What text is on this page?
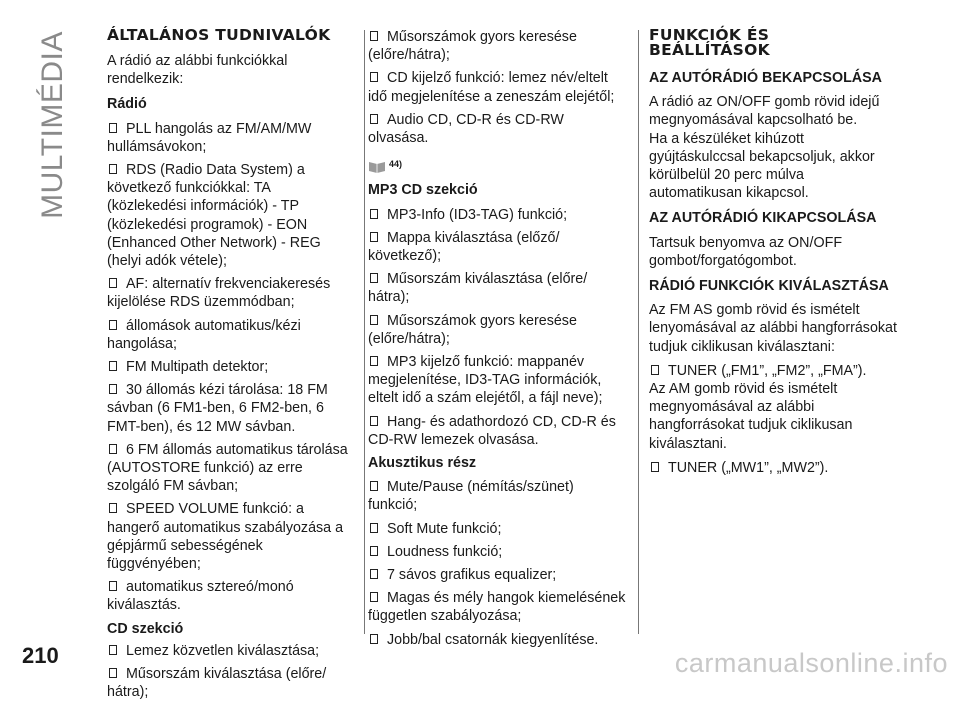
MULTIMÉDIA ÁLTALÁNOS TUDNIVALÓK

A rádió az alábbi funkciókkal rendelkezik:

Rádió
PLL hangolás az FM/AM/MW hullámsávokon;
RDS (Radio Data System) a következő funkciókkal: TA (közlekedési információk) - TP (közlekedési programok) - EON (Enhanced Other Network) - REG (helyi adók vétele);
AF: alternatív frekvenciakeresés kijelölése RDS üzemmódban;
állomások automatikus/kézi hangolása;
FM Multipath detektor;
30 állomás kézi tárolása: 18 FM sávban (6 FM1-ben, 6 FM2-ben, 6 FMT-ben), és 12 MW sávban.
6 FM állomás automatikus tárolása (AUTOSTORE funkció) az erre szolgáló FM sávban;
SPEED VOLUME funkció: a hangerő automatikus szabályozása a gépjármű sebességének függvényében;
automatikus sztereó/monó kiválasztás.
CD szekció
Lemez közvetlen kiválasztása;
Műsorszám kiválasztása (előre/ hátra);
Műsorszámok gyors keresése (előre/hátra);
CD kijelző funkció: lemez név/eltelt idő megjelenítése a zeneszám elejétől;
Audio CD, CD-R és CD-RW olvasása.
44)
MP3 CD szekció
MP3-Info (ID3-TAG) funkció;
Mappa kiválasztása (előző/ következő);
Műsorszám kiválasztása (előre/ hátra);
Műsorszámok gyors keresése (előre/hátra);
MP3 kijelző funkció: mappanév megjelenítése, ID3-TAG információk, eltelt idő a szám elejétől, a fájl neve);
Hang- és adathordozó CD, CD-R és CD-RW lemezek olvasása.
Akusztikus rész
Mute/Pause (némítás/szünet) funkció;
Soft Mute funkció;
Loudness funkció;
7 sávos grafikus equalizer;
Magas és mély hangok kiemelésének független szabályozása;
Jobb/bal csatornák kiegyenlítése.
FUNKCIÓK ÉS BEÁLLÍTÁSOK
AZ AUTÓRÁDIÓ BEKAPCSOLÁSA

A rádió az ON/OFF gomb rövid idejű megnyomásával kapcsolható be.

Ha a készüléket kihúzott gyújtáskulccsal bekapcsoljuk, akkor körülbelül 20 perc múlva automatikusan kikapcsol.

AZ AUTÓRÁDIÓ KIKAPCSOLÁSA

Tartsuk benyomva az ON/OFF gombot/forgatógombot.

RÁDIÓ FUNKCIÓK KIVÁLASZTÁSA

Az FM AS gomb rövid és ismételt lenyomásával az alábbi hangforrásokat tudjuk ciklikusan kiválasztani:

TUNER („FM1”, „FM2”, „FMA”).

Az AM gomb rövid és ismételt megnyomásával az alábbi hangforrásokat tudjuk ciklikusan kiválasztani.

TUNER („MW1”, „MW2”).
210	carmanualsonline.info
